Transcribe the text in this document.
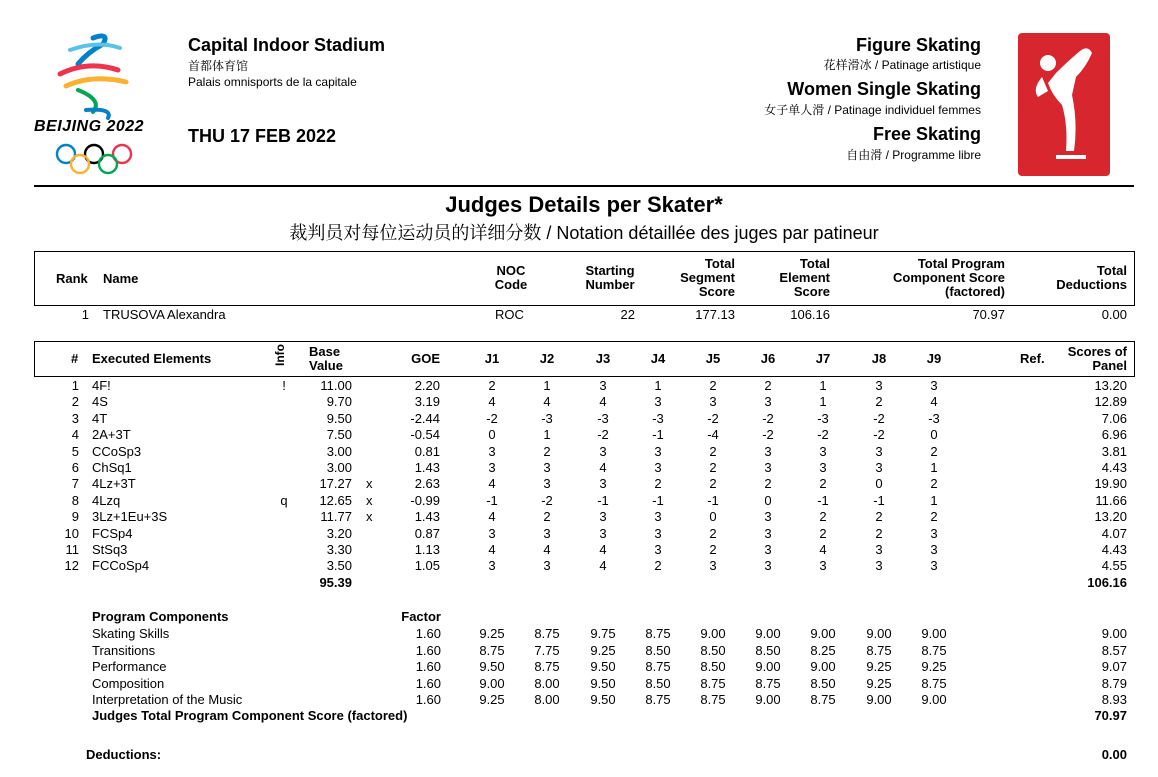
BEIJING 2022
Capital Indoor Stadium
首都体育馆
Palais omnisports de la capitale
THU 17 FEB 2022
Figure Skating
花样滑冰 / Patinage artistique
Women Single Skating
女子单人滑 / Patinage individuel femmes
Free Skating
自由滑 / Programme libre
Judges Details per Skater*
裁判员对每位运动员的详细分数 / Notation détaillée des juges par patineur
Rank Name
NOC
Code
Starting
Number
Total
Segment
Score
Total
Element
Score
Total Program
Component Score
(factored)
Total
Deductions
1 TRUSOVA Alexandra	ROC	22	177.13	106.16	70.97	0.00
# Executed Elements	Info	Base
Value	GOE	J1	J2	J3	J4	J5	J6	J7	J8	J9	Ref.	Scores of
Panel
1 4F!	!	11.00	2.20	2	1	3	1	2	2	1	3	3	13.20
2 4S	9.70	3.19	4	4	4	3	3	3	1	2	4	12.89
3 4T	9.50	-2.44	-2	-3	-3	-3	-2	-2	-3	-2	-3	7.06
4 2A+3T	7.50	-0.54	0	1	-2	-1	-4	-2	-2	-2	0	6.96
5 CCoSp3	3.00	0.81	3	2	3	3	2	3	3	3	2	3.81
6 ChSq1	3.00	1.43	3	3	4	3	2	3	3	3	1	4.43
7 4Lz+3T	17.27 x	2.63	4	3	3	2	2	2	2	0	2	19.90
8 4Lzq	q	12.65 x	-0.99	-1	-2	-1	-1	-1	0	-1	-1	1	11.66
9 3Lz+1Eu+3S	11.77 x	1.43	4	2	3	3	0	3	2	2	2	13.20
10 FCSp4	3.20	0.87	3	3	3	3	2	3	2	2	3	4.07
11 StSq3	3.30	1.13	4	4	4	3	2	3	4	3	3	4.43
12 FCCoSp4	3.50	1.05	3	3	4	2	3	3	3	3	3	4.55
95.39	106.16
Program Components	Factor
Skating Skills	1.60	9.25	8.75	9.75	8.75	9.00	9.00	9.00	9.00	9.00	9.00
Transitions	1.60	8.75	7.75	9.25	8.50	8.50	8.50	8.25	8.75	8.75	8.57
Performance	1.60	9.50	8.75	9.50	8.75	8.50	9.00	9.00	9.25	9.25	9.07
Composition	1.60	9.00	8.00	9.50	8.50	8.75	8.75	8.50	9.25	8.75	8.79
Interpretation of the Music	1.60	9.25	8.00	9.50	8.75	8.75	9.00	8.75	9.00	9.00	8.93
Judges Total Program Component Score (factored)	70.97
Deductions:	0.00
